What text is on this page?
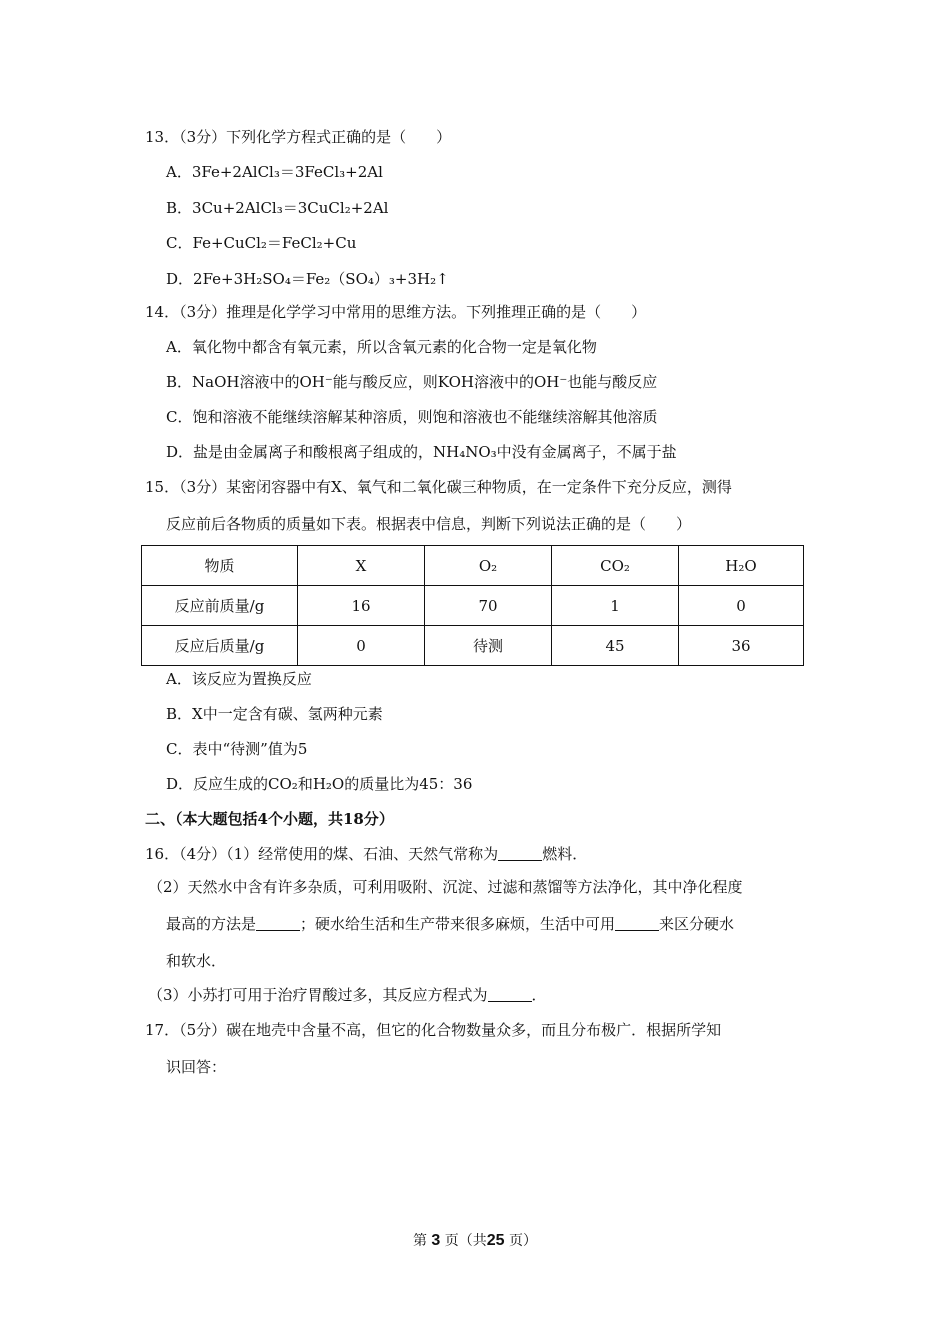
13．（3分）下列化学方程式正确的是（　　）
A．3Fe+2AlCl₃＝3FeCl₃+2Al
B．3Cu+2AlCl₃＝3CuCl₂+2Al
C．Fe+CuCl₂＝FeCl₂+Cu
D．2Fe+3H₂SO₄＝Fe₂（SO₄）₃+3H₂↑
14．（3分）推理是化学学习中常用的思维方法。下列推理正确的是（　　）
A．氧化物中都含有氧元素，所以含氧元素的化合物一定是氧化物
B．NaOH溶液中的OH⁻能与酸反应，则KOH溶液中的OH⁻也能与酸反应
C．饱和溶液不能继续溶解某种溶质，则饱和溶液也不能继续溶解其他溶质
D．盐是由金属离子和酸根离子组成的，NH₄NO₃中没有金属离子，不属于盐
15．（3分）某密闭容器中有X、氧气和二氧化碳三种物质，在一定条件下充分反应，测得
反应前后各物质的质量如下表。根据表中信息，判断下列说法正确的是（　　）
物质	X	O₂	CO₂	H₂O
反应前质量/g	16	70	1	0
反应后质量/g	0	待测	45	36
A．该反应为置换反应
B．X中一定含有碳、氢两种元素
C．表中“待测”值为5
D．反应生成的CO₂和H₂O的质量比为45：36
二、（本大题包括4个小题，共18分）
16．（4分）（1）经常使用的煤、石油、天然气常称为	燃料．
（2）天然水中含有许多杂质，可利用吸附、沉淀、过滤和蒸馏等方法净化，其中净化程度
最高的方法是	；硬水给生活和生产带来很多麻烦，生活中可用	来区分硬水
和软水．
（3）小苏打可用于治疗胃酸过多，其反应方程式为	．
17．（5分）碳在地壳中含量不高，但它的化合物数量众多，而且分布极广．根据所学知
识回答：
第 3 页（共25 页）
